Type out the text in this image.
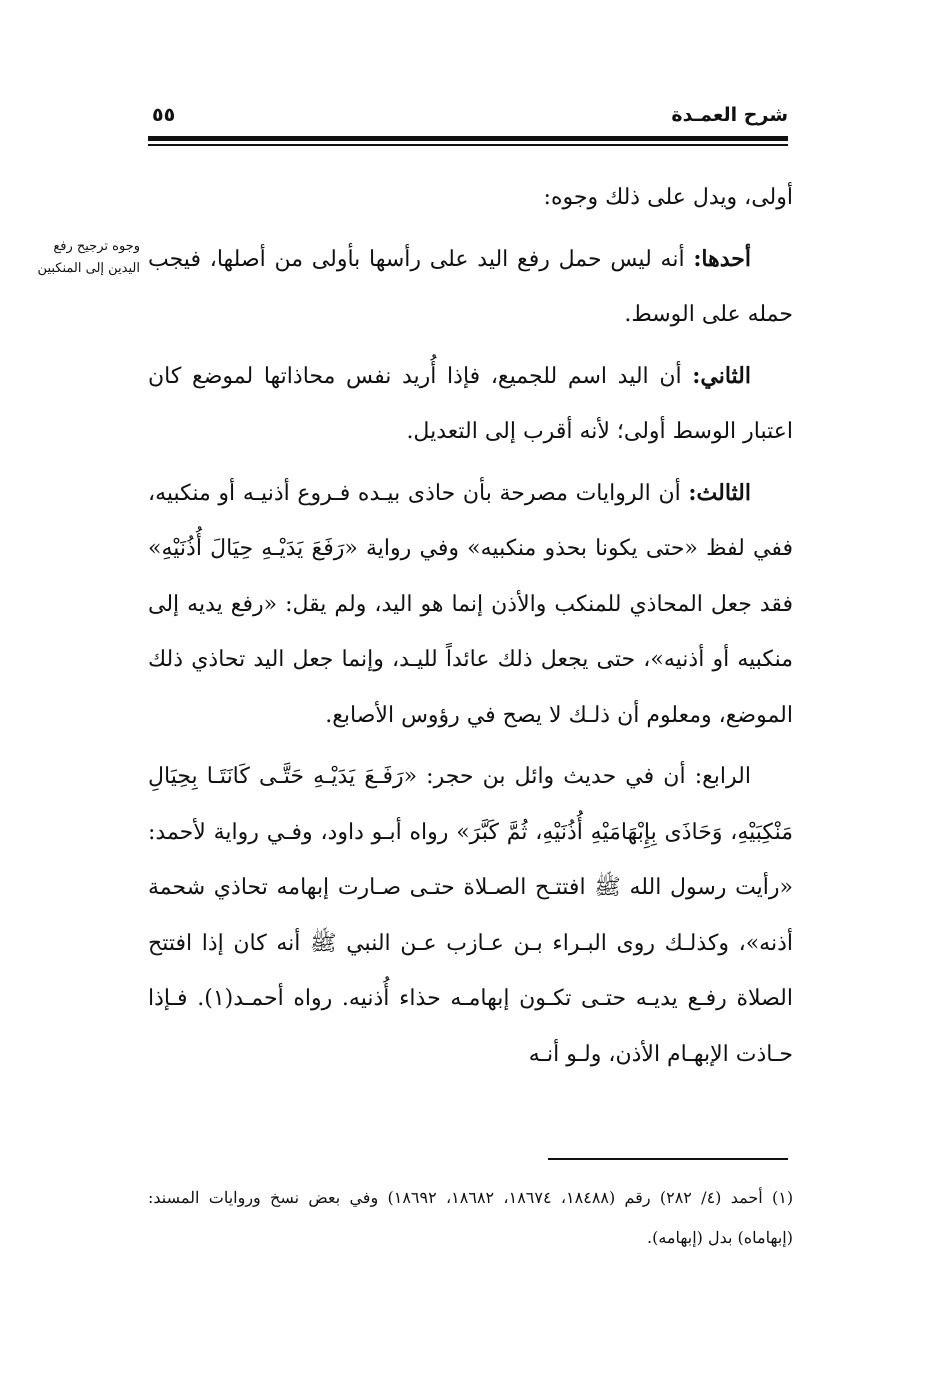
شرح العمـدة
٥٥
وجوه ترجيح رفع اليدين إلى المنكبين

أولى، ويدل على ذلك وجوه:

أحدها: أنه ليس حمل رفع اليد على رأسها بأولى من أصلها، فيجب حمله على الوسط.

الثاني: أن اليد اسم للجميع، فإذا أُريد نفس محاذاتها لموضع كان اعتبار الوسط أولى؛ لأنه أقرب إلى التعديل.

الثالث: أن الروايات مصرحة بأن حاذى بيـده فـروع أذنيـه أو منكبيه، ففي لفظ «حتى يكونا بحذو منكبيه» وفي رواية «رَفَعَ يَدَيْـهِ حِيَالَ أُذُنَيْهِ» فقد جعل المحاذي للمنكب والأذن إنما هو اليد، ولم يقل: «رفع يديه إلى منكبيه أو أذنيه»، حتى يجعل ذلك عائداً لليـد، وإنما جعل اليد تحاذي ذلك الموضع، ومعلوم أن ذلـك لا يصح في رؤوس الأصابع.

الرابع: أن في حديث وائل بن حجر: «رَفَـعَ يَدَيْـهِ حَتَّـى كَانَتَـا بِحِيَالِ مَنْكِبَيْهِ، وَحَاذَى بِإِبْهَامَيْهِ أُذُنَيْهِ، ثُمَّ كَبَّرَ» رواه أبـو داود، وفـي رواية لأحمد: «رأيت رسول الله ﷺ افتتـح الصـلاة حتـى صـارت إبهامه تحاذي شحمة أذنه»، وكذلـك روى البـراء بـن عـازب عـن النبي ﷺ أنه كان إذا افتتح الصلاة رفـع يديـه حتـى تكـون إبهامـه حذاء أُذنيه. رواه أحمـد(١). فـإذا حـاذت الإبهـام الأذن، ولـو أنـه

(١) أحمد (٤/ ٢٨٢) رقم (١٨٤٨٨، ١٨٦٧٤، ١٨٦٨٢، ١٨٦٩٢) وفي بعض نسخ وروايات المسند: (إبهاماه) بدل (إبهامه).
